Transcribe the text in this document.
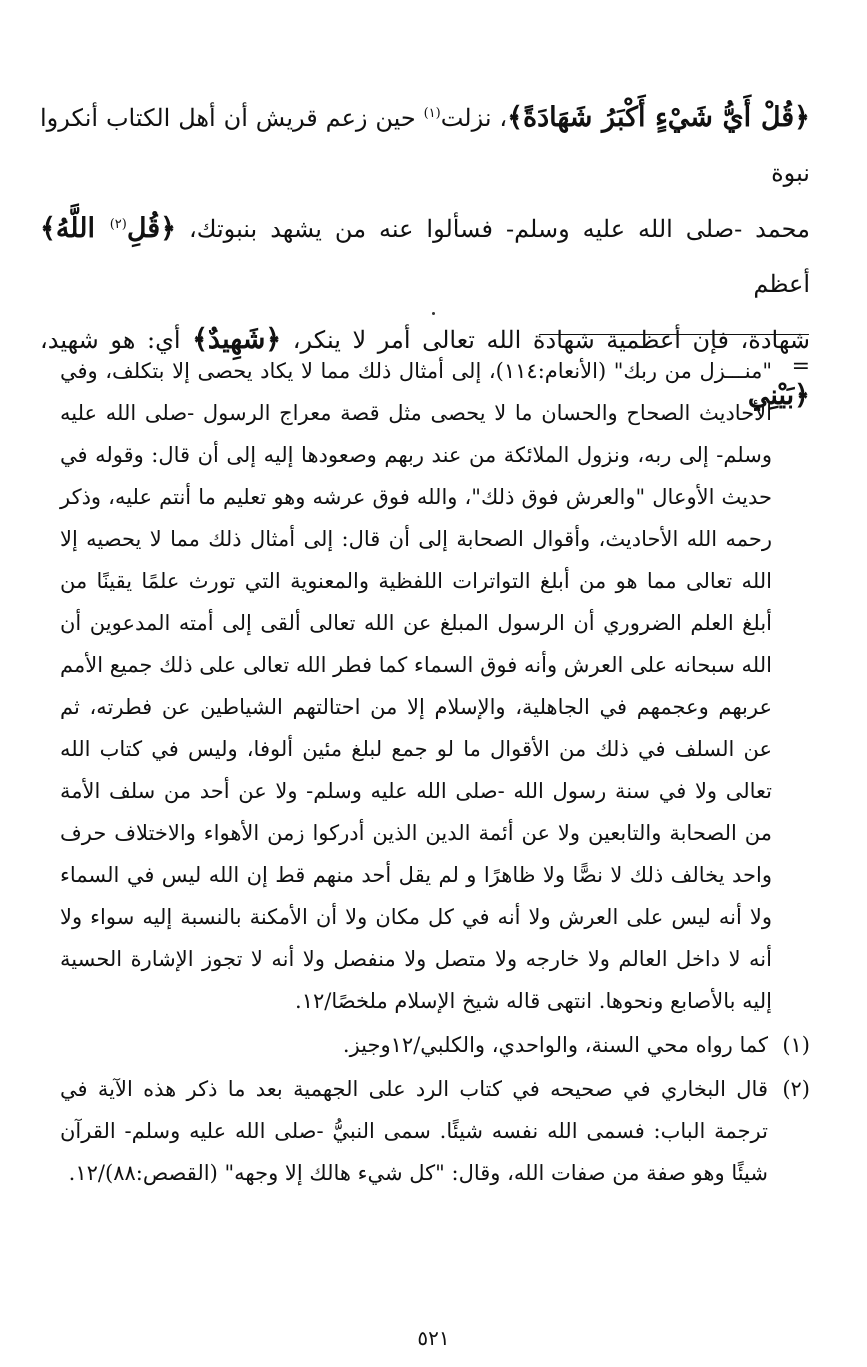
﴿قُلْ أَيُّ شَيْءٍ أَكْبَرُ شَهَادَةً﴾، نزلت$^{(١)}$ حين زعم قريش أن أهل الكتاب أنكروا نبوة

محمد -صلى الله عليه وسلم- فسألوا عنه من يشهد بنبوتك، ﴿قُلِ$^{(٢)}$ اللَّهُ﴾ أعظم

شهادة، فإن أعظمية شهادة الله تعالى أمر لا ينكر، ﴿شَهِيدٌ﴾ أي: هو شهيد، ﴿بَيْنِي

=

"منـــزل من ربك" (الأنعام:١١٤)، إلى أمثال ذلك مما لا يكاد يحصى إلا بتكلف، وفي الأحاديث الصحاح والحسان ما لا يحصى مثل قصة معراج الرسول -صلى الله عليه وسلم- إلى ربه، ونزول الملائكة من عند ربهم وصعودها إليه إلى أن قال: وقوله في حديث الأوعال "والعرش فوق ذلك"، والله فوق عرشه وهو تعليم ما أنتم عليه، وذكر رحمه الله الأحاديث، وأقوال الصحابة إلى أن قال: إلى أمثال ذلك مما لا يحصيه إلا الله تعالى مما هو من أبلغ التواترات اللفظية والمعنوية التي تورث علمًا يقينًا من أبلغ العلم الضروري أن الرسول المبلغ عن الله تعالى ألقى إلى أمته المدعوين أن الله سبحانه على العرش وأنه فوق السماء كما فطر الله تعالى على ذلك جميع الأمم عربهم وعجمهم في الجاهلية، والإسلام إلا من احتالتهم الشياطين عن فطرته، ثم عن السلف في ذلك من الأقوال ما لو جمع لبلغ مئين ألوفا، وليس في كتاب الله تعالى ولا في سنة رسول الله -صلى الله عليه وسلم- ولا عن أحد من سلف الأمة من الصحابة والتابعين ولا عن أئمة الدين الذين أدركوا زمن الأهواء والاختلاف حرف واحد يخالف ذلك لا نصًّا ولا ظاهرًا و لم يقل أحد منهم قط إن الله ليس في السماء ولا أنه ليس على العرش ولا أنه في كل مكان ولا أن الأمكنة بالنسبة إليه سواء ولا أنه لا داخل العالم ولا خارجه ولا متصل ولا منفصل ولا أنه لا تجوز الإشارة الحسية إليه بالأصابع ونحوها. انتهى قاله شيخ الإسلام ملخصًا/١٢.

(١)

كما رواه محي السنة، والواحدي، والكلبي/١٢وجيز.

(٢)

قال البخاري في صحيحه في كتاب الرد على الجهمية بعد ما ذكر هذه الآية في ترجمة الباب: فسمى الله نفسه شيئًا. سمى النبيُّ -صلى الله عليه وسلم- القرآن شيئًا وهو صفة من صفات الله، وقال: "كل شيء هالك إلا وجهه" (القصص:٨٨)/١٢.

٥٢١
